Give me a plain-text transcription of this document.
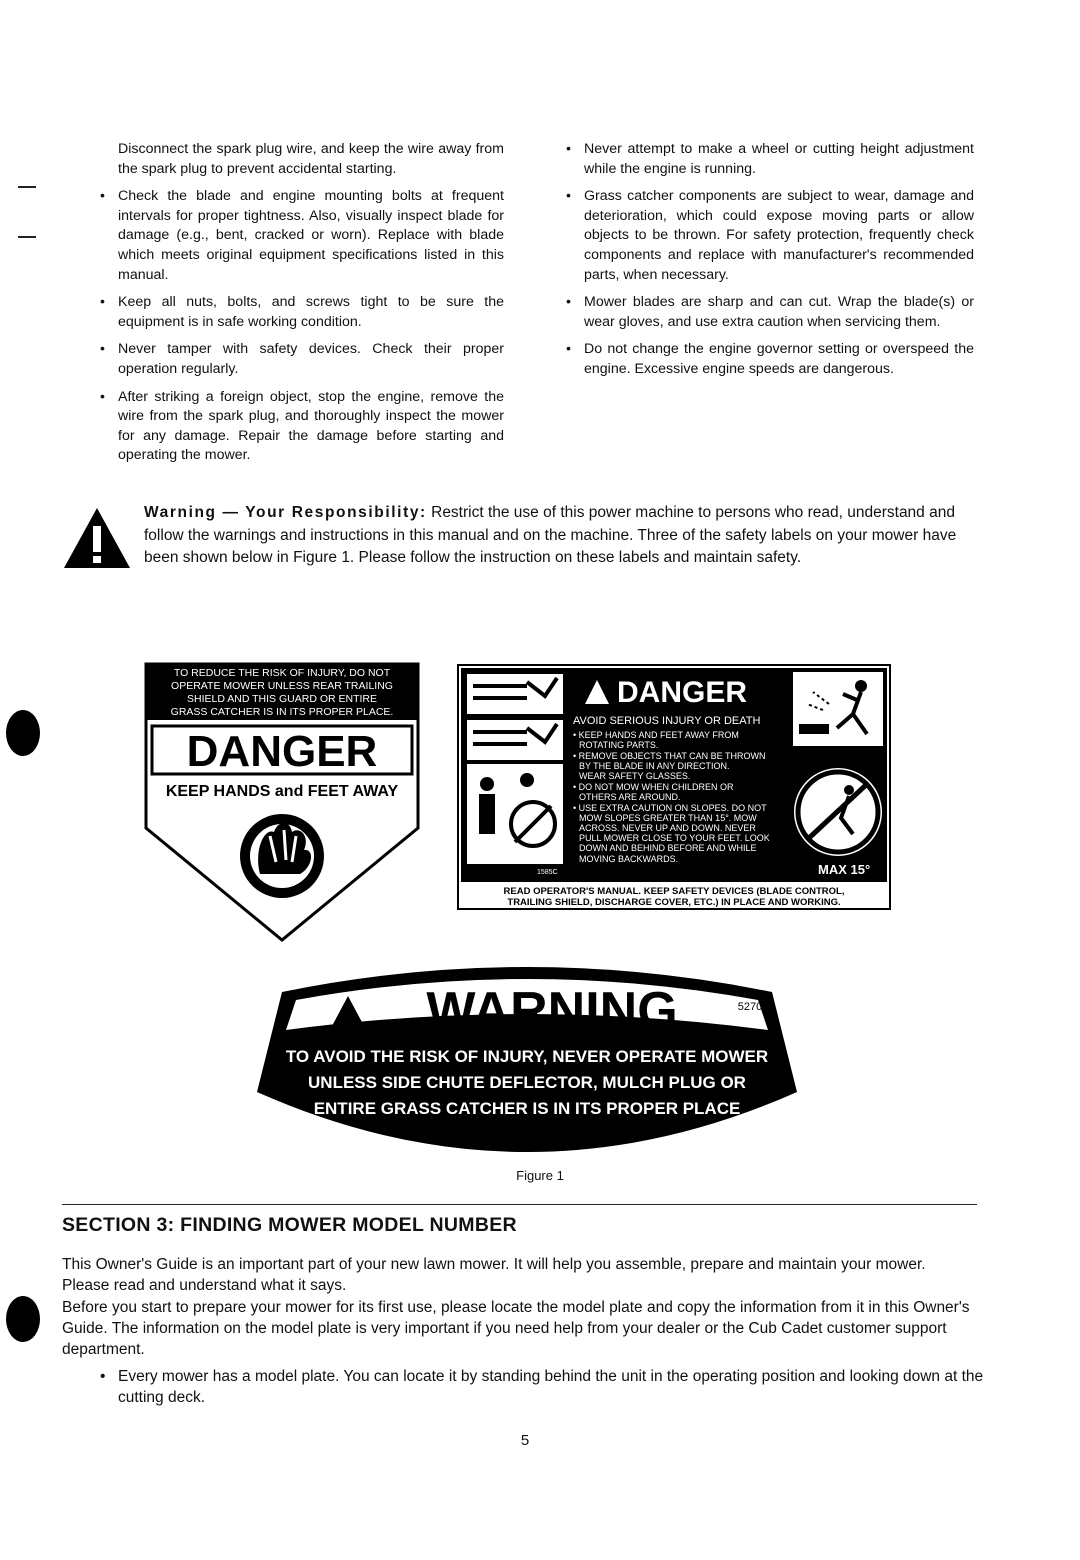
Disconnect the spark plug wire, and keep the wire away from the spark plug to prevent accidental starting.

• Check the blade and engine mounting bolts at frequent intervals for proper tightness. Also, visually inspect blade for damage (e.g., bent, cracked or worn). Replace with blade which meets original equipment specifications listed in this manual.
• Keep all nuts, bolts, and screws tight to be sure the equipment is in safe working condition.
• Never tamper with safety devices. Check their proper operation regularly.
• After striking a foreign object, stop the engine, remove the wire from the spark plug, and thoroughly inspect the mower for any damage. Repair the damage before starting and operating the mower.
• Never attempt to make a wheel or cutting height adjustment while the engine is running.
• Grass catcher components are subject to wear, damage and deterioration, which could expose moving parts or allow objects to be thrown. For safety protection, frequently check components and replace with manufacturer's recommended parts, when necessary.
• Mower blades are sharp and can cut. Wrap the blade(s) or wear gloves, and use extra caution when servicing them.
• Do not change the engine governor setting or overspeed the engine. Excessive engine speeds are dangerous.
Warning — Your Responsibility: Restrict the use of this power machine to persons who read, understand and follow the warnings and instructions in this manual and on the machine. Three of the safety labels on your mower have been shown below in Figure 1. Please follow the instruction on these labels and maintain safety.
TO REDUCE THE RISK OF INJURY, DO NOT
OPERATE MOWER UNLESS REAR TRAILING
SHIELD AND THIS GUARD OR ENTIRE
GRASS CATCHER IS IN ITS PROPER PLACE.
DANGER
KEEP HANDS and FEET AWAY
DANGER
AVOID SERIOUS INJURY OR DEATH
• KEEP HANDS AND FEET AWAY FROM
ROTATING PARTS.
• REMOVE OBJECTS THAT CAN BE THROWN
BY THE BLADE IN ANY DIRECTION.
WEAR SAFETY GLASSES.
• DO NOT MOW WHEN CHILDREN OR
OTHERS ARE AROUND.
• USE EXTRA CAUTION ON SLOPES. DO NOT
MOW SLOPES GREATER THAN 15°. MOW
ACROSS. NEVER UP AND DOWN. NEVER
PULL MOWER CLOSE TO YOUR FEET. LOOK
DOWN AND BEHIND BEFORE AND WHILE
MOVING BACKWARDS.
1585C	MAX 15°
READ OPERATOR'S MANUAL. KEEP SAFETY DEVICES (BLADE CONTROL,
TRAILING SHIELD, DISCHARGE COVER, ETC.) IN PLACE AND WORKING.
WARNING	5270
TO AVOID THE RISK OF INJURY, NEVER OPERATE MOWER
UNLESS SIDE CHUTE DEFLECTOR, MULCH PLUG OR
ENTIRE GRASS CATCHER IS IN ITS PROPER PLACE
Figure 1
SECTION 3: FINDING MOWER MODEL NUMBER
This Owner's Guide is an important part of your new lawn mower. It will help you assemble, prepare and maintain your mower. Please read and understand what it says.
Before you start to prepare your mower for its first use, please locate the model plate and copy the information from it in this Owner's Guide. The information on the model plate is very important if you need help from your dealer or the Cub Cadet customer support department.
• Every mower has a model plate. You can locate it by standing behind the unit in the operating position and looking down at the cutting deck.
5
